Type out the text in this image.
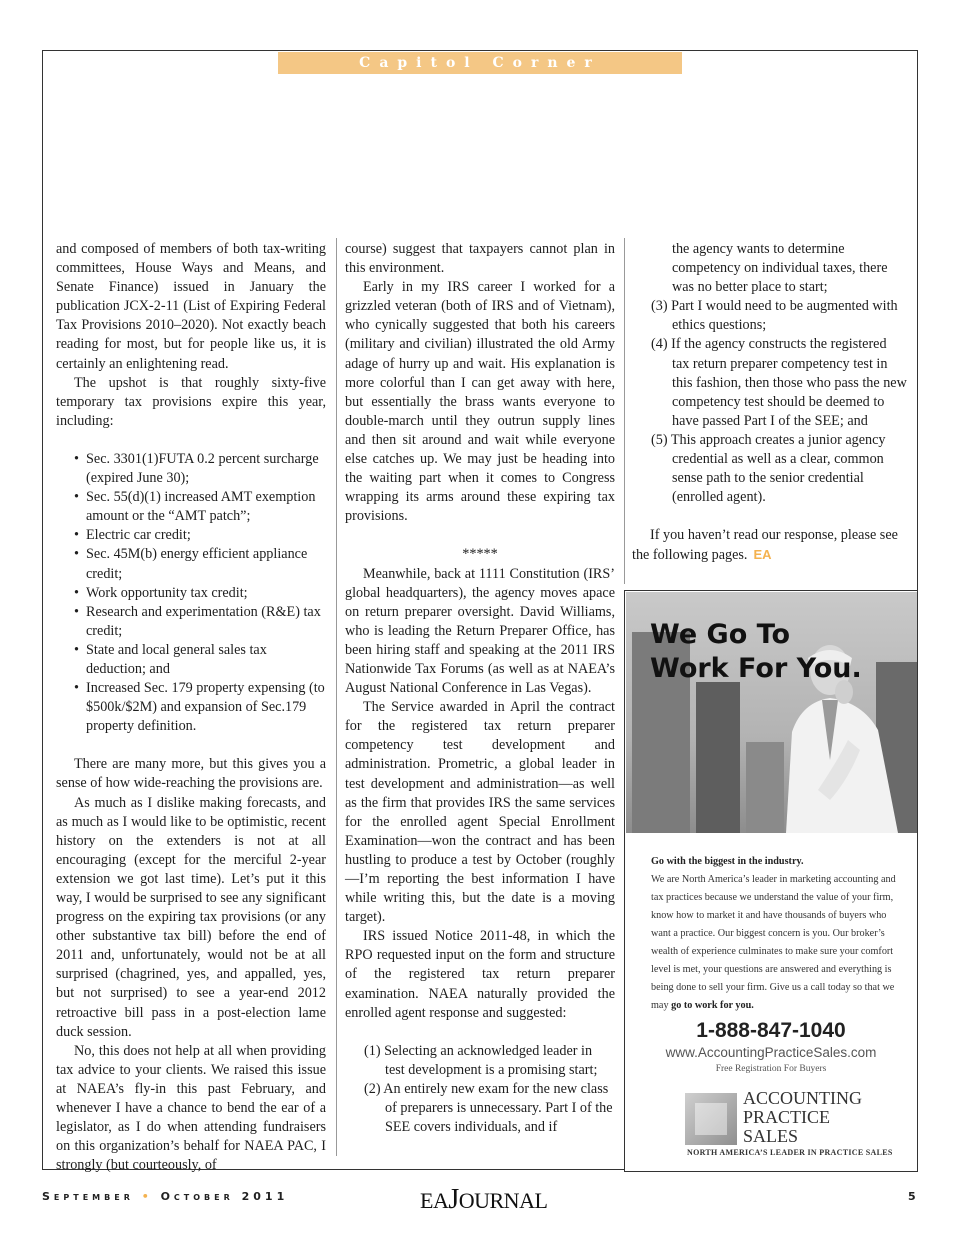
Capitol Corner

and composed of members of both tax-writing committees, House Ways and Means, and Senate Finance) issued in January the publication JCX-2-11 (List of Expiring Federal Tax Provisions 2010–2020). Not exactly beach reading for most, but for people like us, it is certainly an enlightening read.

The upshot is that roughly sixty-five temporary tax provisions expire this year, including:

• Sec. 3301(1)FUTA 0.2 percent surcharge (expired June 30);
• Sec. 55(d)(1) increased AMT exemption amount or the “AMT patch”;
• Electric car credit;
• Sec. 45M(b) energy efficient appliance credit;
• Work opportunity tax credit;
• Research and experimentation (R&E) tax credit;
• State and local general sales tax deduction; and
• Increased Sec. 179 property expensing (to $500k/$2M) and expansion of Sec.179 property definition.

There are many more, but this gives you a sense of how wide-reaching the provisions are.

As much as I dislike making forecasts, and as much as I would like to be optimistic, recent history on the extenders is not at all encouraging (except for the merciful 2-year extension we got last time). Let’s put it this way, I would be surprised to see any significant progress on the expiring tax provisions (or any other substantive tax bill) before the end of 2011 and, unfortunately, would not be at all surprised (chagrined, yes, and appalled, yes, but not surprised) to see a year-end 2012 retroactive bill pass in a post-election lame duck session.

No, this does not help at all when providing tax advice to your clients. We raised this issue at NAEA’s fly-in this past February, and whenever I have a chance to bend the ear of a legislator, as I do when attending fundraisers on this organization’s behalf for NAEA PAC, I strongly (but courteously, of

course) suggest that taxpayers cannot plan in this environment.

Early in my IRS career I worked for a grizzled veteran (both of IRS and of Vietnam), who cynically suggested that both his careers (military and civilian) illustrated the old Army adage of hurry up and wait. His explanation is more colorful than I can get away with here, but essentially the brass wants everyone to double-march until they outrun supply lines and then sit around and wait while everyone else catches up. We may just be heading into the waiting part when it comes to Congress wrapping its arms around these expiring tax provisions.

*****

Meanwhile, back at 1111 Constitution (IRS’ global headquarters), the agency moves apace on return preparer oversight. David Williams, who is leading the Return Preparer Office, has been hiring staff and speaking at the 2011 IRS Nationwide Tax Forums (as well as at NAEA’s August National Conference in Las Vegas).

The Service awarded in April the contract for the registered tax return preparer competency test development and administration. Prometric, a global leader in test development and administration—as well as the firm that provides IRS the same services for the enrolled agent Special Enrollment Examination—won the contract and has been hustling to produce a test by October (roughly—I’m reporting the best information I have while writing this, but the date is a moving target).

IRS issued Notice 2011-48, in which the RPO requested input on the form and structure of the registered tax return preparer examination. NAEA naturally provided the enrolled agent response and suggested:

(1) Selecting an acknowledged leader in test development is a promising start;
(2) An entirely new exam for the new class of preparers is unnecessary. Part I of the SEE covers individuals, and if

the agency wants to determine competency on individual taxes, there was no better place to start;

(3) Part I would need to be augmented with ethics questions;
(4) If the agency constructs the registered tax return preparer competency test in this fashion, then those who pass the new competency test should be deemed to have passed Part I of the SEE; and
(5) This approach creates a junior agency credential as well as a clear, common sense path to the senior credential (enrolled agent).

If you haven’t read our response, please see the following pages. EA

We Go To
Work For You.
Go with the biggest in the industry.
We are North America’s leader in marketing accounting and tax practices because we understand the value of your firm, know how to market it and have thousands of buyers who want a practice. Our biggest concern is you. Our broker’s wealth of experience culminates to make sure your comfort level is met, your questions are answered and everything is being done to sell your firm. Give us a call today so that we may go to work for you.
1-888-847-1040
www.AccountingPracticeSales.com
Free Registration For Buyers
ACCOUNTING
PRACTICE
SALES
NORTH AMERICA’S LEADER IN PRACTICE SALES
September • October 2011	EAJOURNAL	5
